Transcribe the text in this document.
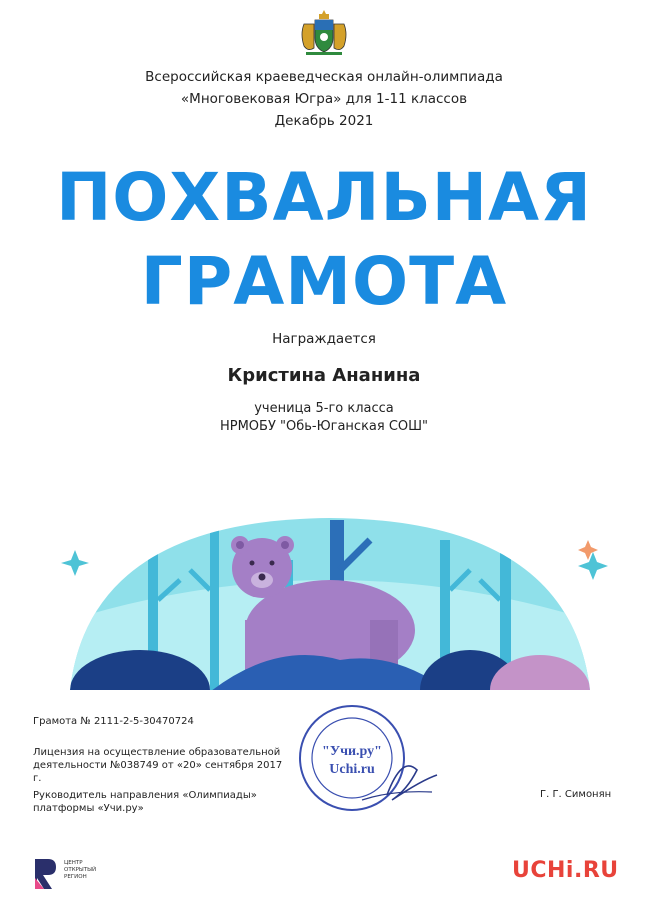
Всероссийская краеведческая онлайн-олимпиада
«Многовековая Югра» для 1-11 классов
Декабрь 2021
ПОХВАЛЬНАЯ
ГРАМОТА
Награждается
Кристина Ананина
ученица 5-го класса
НРМОБУ "Обь-Юганская СОШ"
Грамота № 2111-2-5-30470724
Лицензия на осуществление образовательной
деятельности №038749 от «20» сентября 2017 г.
Руководитель направления «Олимпиады»
платформы «Учи.ру»
Г. Г. Симонян
"Учи.ру"
Uchi.ru
ЦЕНТР
ОТКРЫТЫЙ
РЕГИОН	UCHi.RU
